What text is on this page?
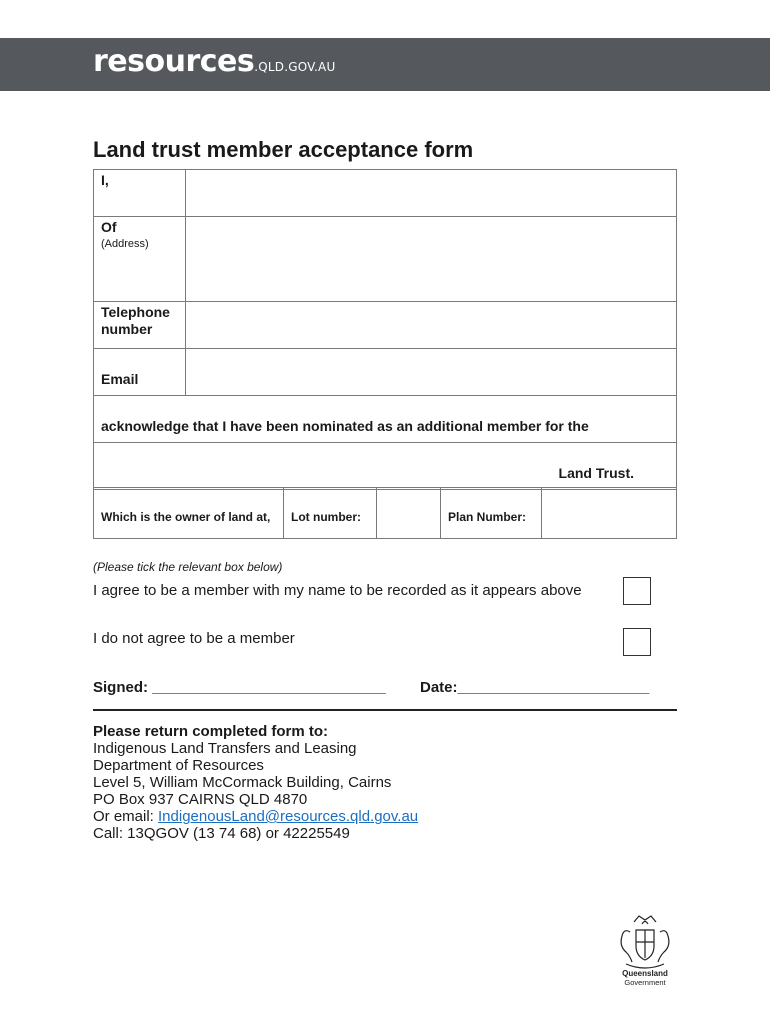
resources.QLD.GOV.AU
Land trust member acceptance form
I,	

Of
(Address)	

Telephone number	

Email	

acknowledge that I have been nominated as an additional member for the	

Land Trust.	
Which is the owner of land at,	Lot number:		Plan Number:	
(Please tick the relevant box below)
I agree to be a member with my name to be recorded as it appears above
I do not agree to be a member
Signed: ____________________________ Date:_______________________
Please return completed form to:
Indigenous Land Transfers and Leasing
Department of Resources
Level 5, William McCormack Building, Cairns
PO Box 937 CAIRNS QLD 4870
Or email: IndigenousLand@resources.qld.gov.au
Call: 13QGOV (13 74 68) or 42225549
Queensland
Government
